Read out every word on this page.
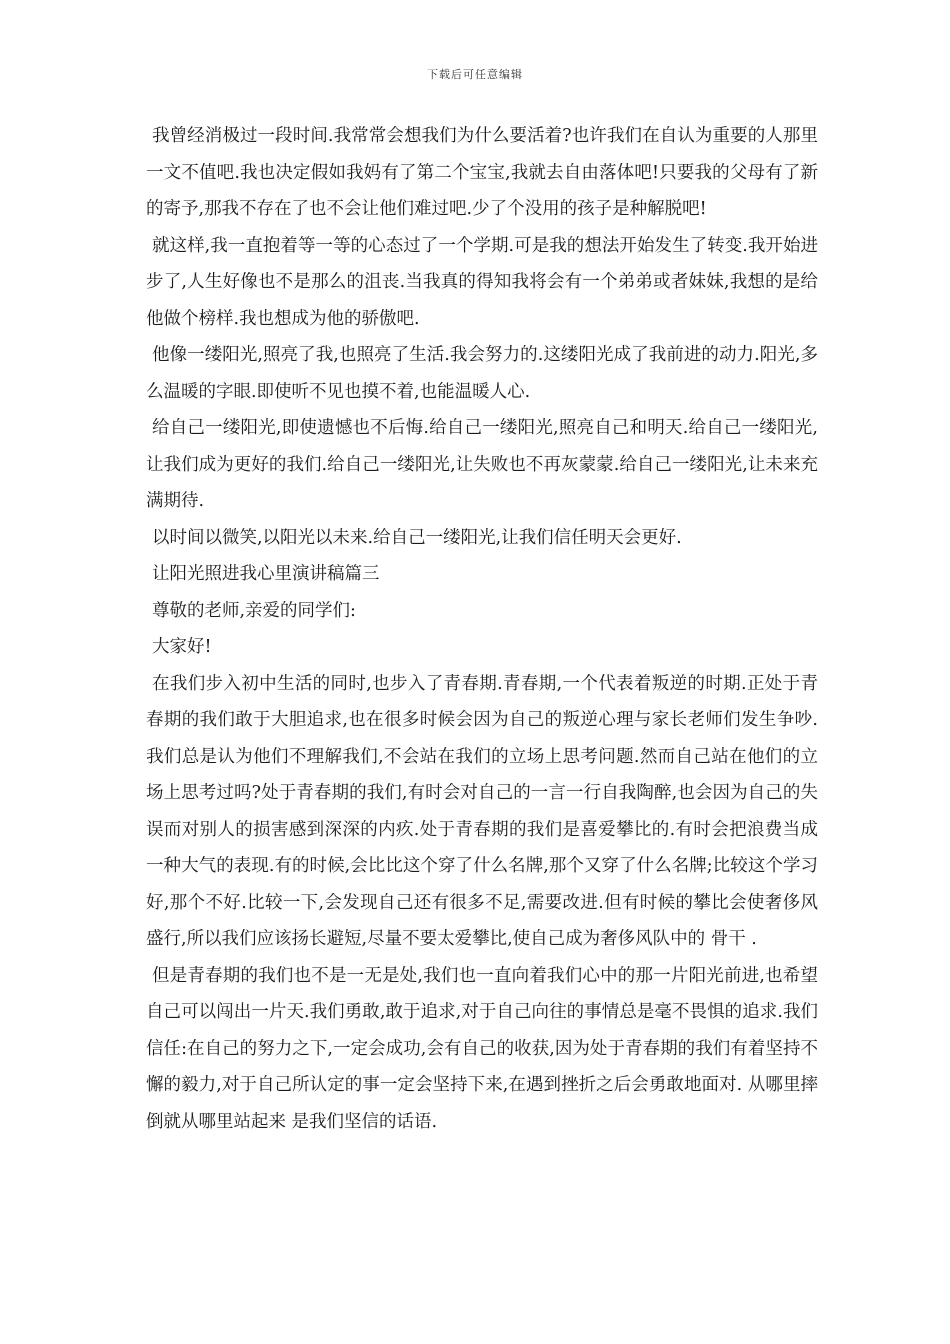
下载后可任意编辑

我曾经消极过一段时间.我常常会想我们为什么要活着?也许我们在自认为重要的人那里一文不值吧.我也决定假如我妈有了第二个宝宝,我就去自由落体吧!只要我的父母有了新的寄予,那我不存在了也不会让他们难过吧.少了个没用的孩子是种解脱吧!

就这样,我一直抱着等一等的心态过了一个学期.可是我的想法开始发生了转变.我开始进步了,人生好像也不是那么的沮丧.当我真的得知我将会有一个弟弟或者妹妹,我想的是给他做个榜样.我也想成为他的骄傲吧.

他像一缕阳光,照亮了我,也照亮了生活.我会努力的.这缕阳光成了我前进的动力.阳光,多么温暖的字眼.即使听不见也摸不着,也能温暖人心.

给自己一缕阳光,即使遗憾也不后悔.给自己一缕阳光,照亮自己和明天.给自己一缕阳光,让我们成为更好的我们.给自己一缕阳光,让失败也不再灰蒙蒙.给自己一缕阳光,让未来充满期待.

以时间以微笑,以阳光以未来.给自己一缕阳光,让我们信任明天会更好.

让阳光照进我心里演讲稿篇三

尊敬的老师,亲爱的同学们:

大家好!

在我们步入初中生活的同时,也步入了青春期.青春期,一个代表着叛逆的时期.正处于青春期的我们敢于大胆追求,也在很多时候会因为自己的叛逆心理与家长老师们发生争吵.我们总是认为他们不理解我们,不会站在我们的立场上思考问题.然而自己站在他们的立场上思考过吗?处于青春期的我们,有时会对自己的一言一行自我陶醉,也会因为自己的失误而对别人的损害感到深深的内疚.处于青春期的我们是喜爱攀比的.有时会把浪费当成一种大气的表现.有的时候,会比比这个穿了什么名牌,那个又穿了什么名牌;比较这个学习好,那个不好.比较一下,会发现自己还有很多不足,需要改进.但有时候的攀比会使奢侈风盛行,所以我们应该扬长避短,尽量不要太爱攀比,使自己成为奢侈风队中的 骨干 .

但是青春期的我们也不是一无是处,我们也一直向着我们心中的那一片阳光前进,也希望自己可以闯出一片天.我们勇敢,敢于追求,对于自己向往的事情总是毫不畏惧的追求.我们信任:在自己的努力之下,一定会成功,会有自己的收获,因为处于青春期的我们有着坚持不懈的毅力,对于自己所认定的事一定会坚持下来,在遇到挫折之后会勇敢地面对. 从哪里摔倒就从哪里站起来 是我们坚信的话语.
